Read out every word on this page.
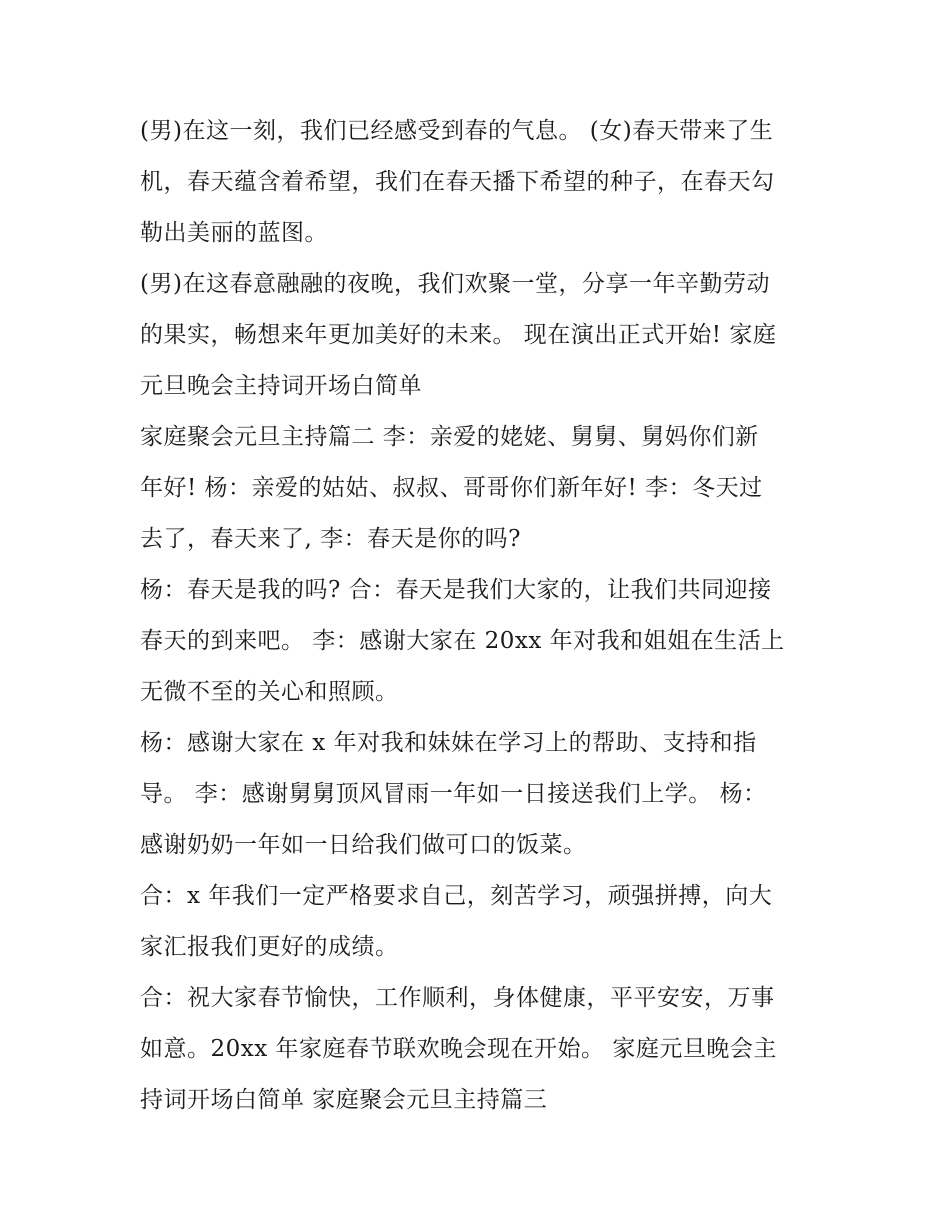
(男)在这一刻，我们已经感受到春的气息。 (女)春天带来了生
机，春天蕴含着希望，我们在春天播下希望的种子，在春天勾
勒出美丽的蓝图。

(男)在这春意融融的夜晚，我们欢聚一堂，分享一年辛勤劳动
的果实，畅想来年更加美好的未来。 现在演出正式开始! 家庭
元旦晚会主持词开场白简单

家庭聚会元旦主持篇二 李：亲爱的姥姥、舅舅、舅妈你们新
年好! 杨：亲爱的姑姑、叔叔、哥哥你们新年好! 李：冬天过
去了，春天来了, 李：春天是你的吗?

杨：春天是我的吗? 合：春天是我们大家的，让我们共同迎接
春天的到来吧。 李：感谢大家在 20xx 年对我和姐姐在生活上
无微不至的关心和照顾。

杨：感谢大家在 x 年对我和妹妹在学习上的帮助、支持和指
导。 李：感谢舅舅顶风冒雨一年如一日接送我们上学。 杨：
感谢奶奶一年如一日给我们做可口的饭菜。

合：x 年我们一定严格要求自己，刻苦学习，顽强拼搏，向大
家汇报我们更好的成绩。

合：祝大家春节愉快，工作顺利，身体健康，平平安安，万事
如意。20xx 年家庭春节联欢晚会现在开始。 家庭元旦晚会主
持词开场白简单 家庭聚会元旦主持篇三
